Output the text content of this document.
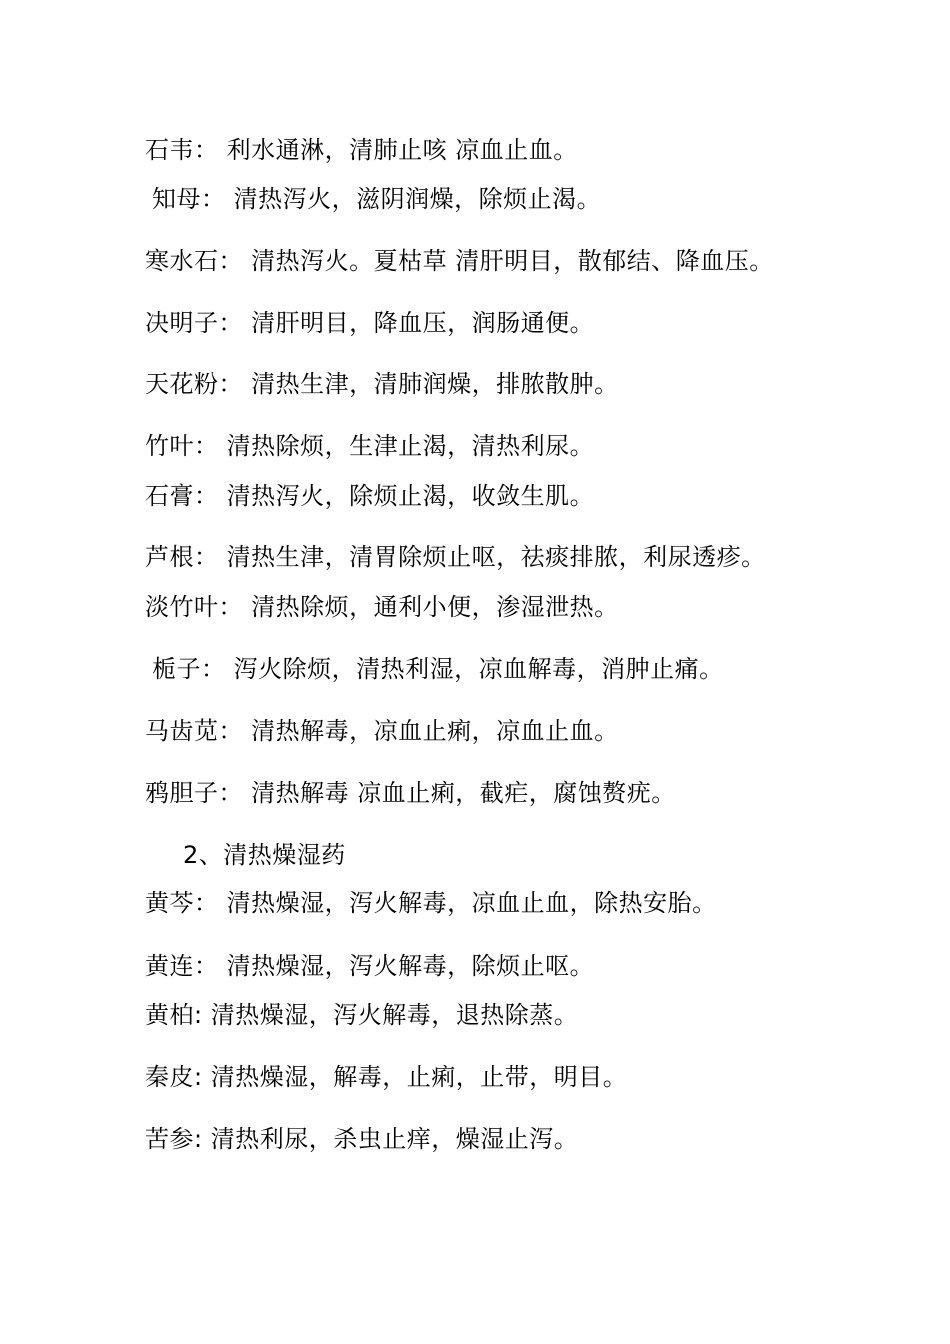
石韦： 利水通淋，清肺止咳 凉血止血。
知母： 清热泻火，滋阴润燥，除烦止渴。
寒水石： 清热泻火。夏枯草 清肝明目，散郁结、降血压。
决明子： 清肝明目，降血压，润肠通便。
天花粉： 清热生津，清肺润燥，排脓散肿。
竹叶： 清热除烦，生津止渴，清热利尿。
石膏： 清热泻火，除烦止渴，收敛生肌。
芦根： 清热生津，清胃除烦止呕，祛痰排脓，利尿透疹。
淡竹叶： 清热除烦，通利小便，渗湿泄热。
栀子： 泻火除烦，清热利湿，凉血解毒，消肿止痛。
马齿苋： 清热解毒，凉血止痢，凉血止血。
鸦胆子： 清热解毒 凉血止痢，截疟，腐蚀赘疣。
2、清热燥湿药
黄芩： 清热燥湿，泻火解毒，凉血止血，除热安胎。
黄连： 清热燥湿，泻火解毒，除烦止呕。
黄柏: 清热燥湿，泻火解毒，退热除蒸。
秦皮: 清热燥湿，解毒，止痢，止带，明目。
苦参: 清热利尿，杀虫止痒，燥湿止泻。
